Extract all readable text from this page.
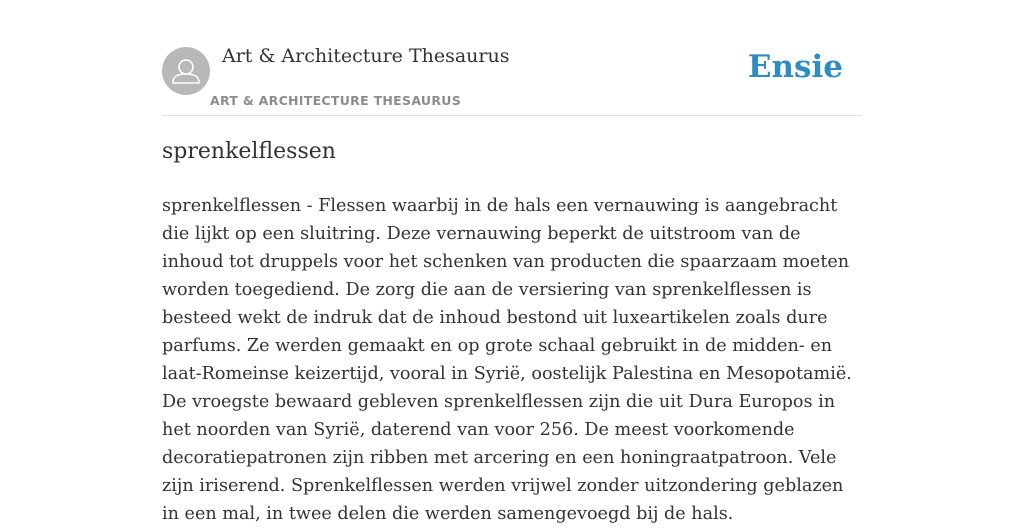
Art & Architecture Thesaurus
ART & ARCHITECTURE THESAURUS
Ensie
sprenkelflessen

sprenkelflessen - Flessen waarbij in de hals een vernauwing is aangebracht die lijkt op een sluitring. Deze vernauwing beperkt de uitstroom van de inhoud tot druppels voor het schenken van producten die spaarzaam moeten worden toegediend. De zorg die aan de versiering van sprenkelflessen is besteed wekt de indruk dat de inhoud bestond uit luxeartikelen zoals dure parfums. Ze werden gemaakt en op grote schaal gebruikt in de midden- en laat-Romeinse keizertijd, vooral in Syrië, oostelijk Palestina en Mesopotamië. De vroegste bewaard gebleven sprenkelflessen zijn die uit Dura Europos in het noorden van Syrië, daterend van voor 256. De meest voorkomende decoratiepatronen zijn ribben met arcering en een honingraatpatroon. Vele zijn iriserend. Sprenkelflessen werden vrijwel zonder uitzondering geblazen in een mal, in twee delen die werden samengevoegd bij de hals.
